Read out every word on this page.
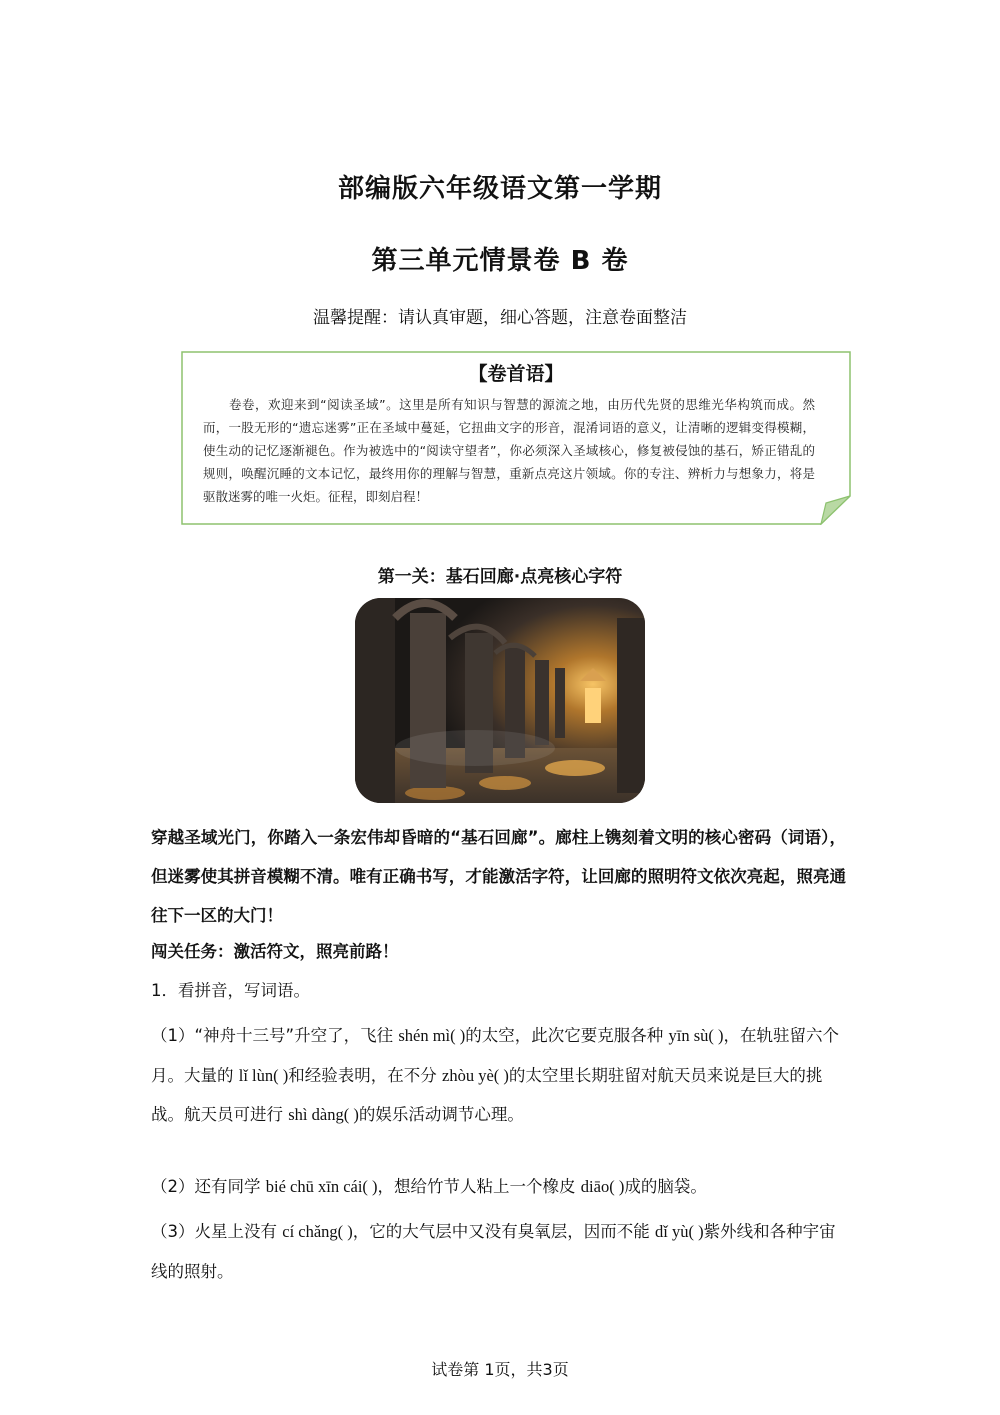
部编版六年级语文第一学期
第三单元情景卷 B 卷
温馨提醒：请认真审题，细心答题，注意卷面整洁
【卷首语】
卷卷，欢迎来到“阅读圣域”。这里是所有知识与智慧的源流之地，由历代先贤的思维光华构筑而成。然而，一股无形的“遗忘迷雾”正在圣域中蔓延，它扭曲文字的形音，混淆词语的意义，让清晰的逻辑变得模糊，使生动的记忆逐渐褪色。作为被选中的“阅读守望者”，你必须深入圣域核心，修复被侵蚀的基石，矫正错乱的规则，唤醒沉睡的文本记忆，最终用你的理解与智慧，重新点亮这片领域。你的专注、辨析力与想象力，将是驱散迷雾的唯一火炬。征程，即刻启程！
第一关：基石回廊·点亮核心字符
穿越圣域光门，你踏入一条宏伟却昏暗的“基石回廊”。廊柱上镌刻着文明的核心密码（词语），但迷雾使其拼音模糊不清。唯有正确书写，才能激活字符，让回廊的照明符文依次亮起，照亮通往下一区的大门！
闯关任务：激活符文，照亮前路！
1．看拼音，写词语。
（1）“神舟十三号”升空了，飞往 shén mì( )的太空，此次它要克服各种 yīn sù( )，在轨驻留六个月。大量的 lǐ lùn( )和经验表明，在不分 zhòu yè( )的太空里长期驻留对航天员来说是巨大的挑战。航天员可进行 shì dàng( )的娱乐活动调节心理。
（2）还有同学 bié chū xīn cái( )，想给竹节人粘上一个橡皮 diāo( )成的脑袋。
（3）火星上没有 cí chǎng( )，它的大气层中又没有臭氧层，因而不能 dǐ yù( )紫外线和各种宇宙线的照射。
试卷第 1页，共3页
